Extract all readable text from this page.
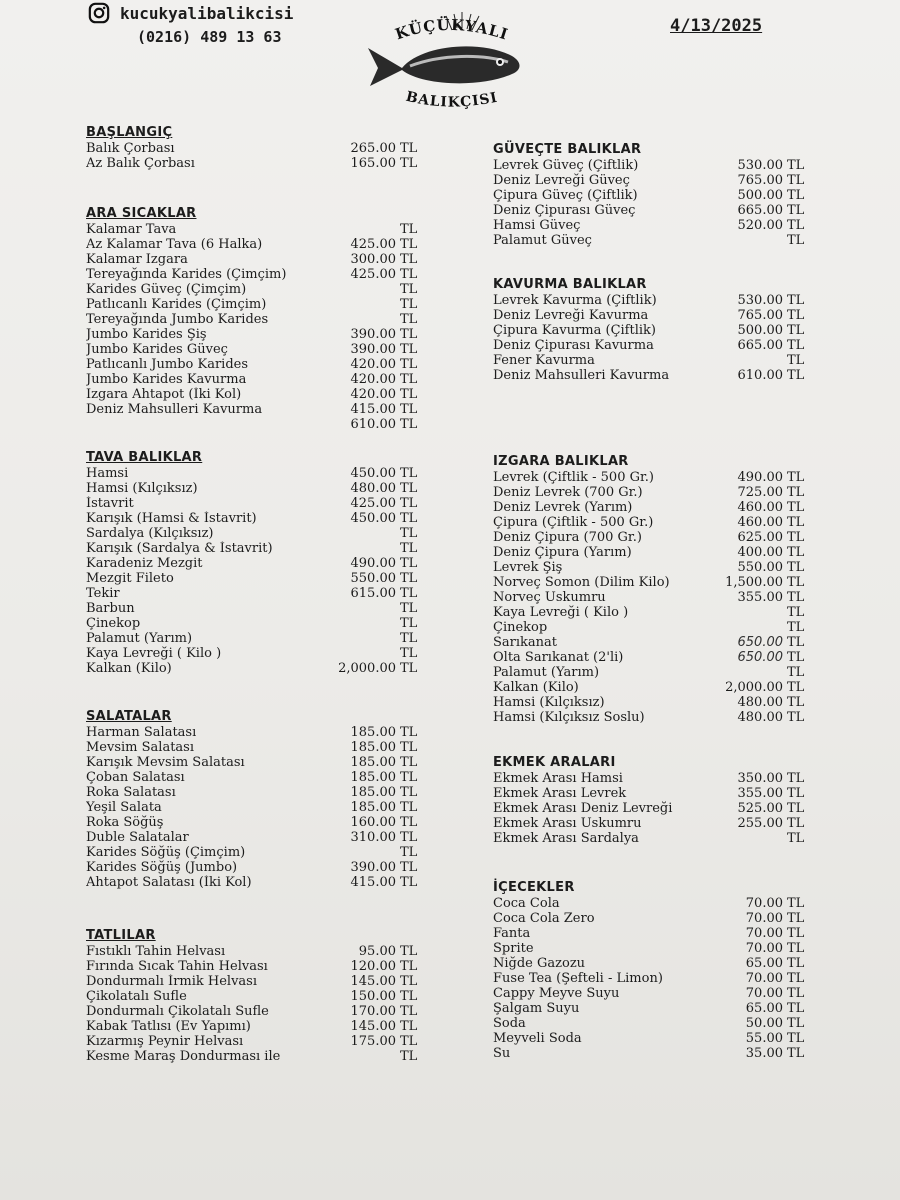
kucukyalibalikcisi
(0216) 489 13 63	KÜÇÜKYALI
BALIKÇISI
4/13/2025
BAŞLANGIÇ
Balık Çorbası	265.00 TL
Az Balık Çorbası	165.00 TL
ARA SICAKLAR
Kalamar Tava	TL
Az Kalamar Tava (6 Halka)	425.00 TL
Kalamar Izgara	300.00 TL
Tereyağında Karides (Çimçim)	425.00 TL
Karides Güveç (Çimçim)	TL
Patlıcanlı Karides (Çimçim)	TL
Tereyağında Jumbo Karides	TL
Jumbo Karides Şiş	390.00 TL
Jumbo Karides Güveç	390.00 TL
Patlıcanlı Jumbo Karides	420.00 TL
Jumbo Karides Kavurma	420.00 TL
Izgara Ahtapot (İki Kol)	420.00 TL
Deniz Mahsulleri Kavurma	415.00 TL
610.00 TL
TAVA BALIKLAR
Hamsi	450.00 TL
Hamsi (Kılçıksız)	480.00 TL
İstavrit	425.00 TL
Karışık (Hamsi & İstavrit)	450.00 TL
Sardalya (Kılçıksız)	TL
Karışık (Sardalya & İstavrit)	TL
Karadeniz Mezgit	490.00 TL
Mezgit Fileto	550.00 TL
Tekir	615.00 TL
Barbun	TL
Çinekop	TL
Palamut (Yarım)	TL
Kaya Levreği ( Kilo )	TL
Kalkan (Kilo)	2,000.00 TL
SALATALAR
Harman Salatası	185.00 TL
Mevsim Salatası	185.00 TL
Karışık Mevsim Salatası	185.00 TL
Çoban Salatası	185.00 TL
Roka Salatası	185.00 TL
Yeşil Salata	185.00 TL
Roka Söğüş	160.00 TL
Duble Salatalar	310.00 TL
Karides Söğüş (Çimçim)	TL
Karides Söğüş (Jumbo)	390.00 TL
Ahtapot Salatası (İki Kol)	415.00 TL
TATLILAR
Fıstıklı Tahin Helvası	95.00 TL
Fırında Sıcak Tahin Helvası	120.00 TL
Dondurmalı İrmik Helvası	145.00 TL
Çikolatalı Sufle	150.00 TL
Dondurmalı Çikolatalı Sufle	170.00 TL
Kabak Tatlısı (Ev Yapımı)	145.00 TL
Kızarmış Peynir Helvası	175.00 TL
Kesme Maraş Dondurması ile	TL
GÜVEÇTE BALIKLAR
Levrek Güveç (Çiftlik)	530.00 TL
Deniz Levreği Güveç	765.00 TL
Çipura Güveç (Çiftlik)	500.00 TL
Deniz Çipurası Güveç	665.00 TL
Hamsi Güveç	520.00 TL
Palamut Güveç	TL
KAVURMA BALIKLAR
Levrek Kavurma (Çiftlik)	530.00 TL
Deniz Levreği Kavurma	765.00 TL
Çipura Kavurma (Çiftlik)	500.00 TL
Deniz Çipurası Kavurma	665.00 TL
Fener Kavurma	TL
Deniz Mahsulleri Kavurma	610.00 TL
IZGARA BALIKLAR
Levrek (Çiftlik - 500 Gr.)	490.00 TL
Deniz Levrek (700 Gr.)	725.00 TL
Deniz Levrek (Yarım)	460.00 TL
Çipura (Çiftlik - 500 Gr.)	460.00 TL
Deniz Çipura (700 Gr.)	625.00 TL
Deniz Çipura (Yarım)	400.00 TL
Levrek Şiş	550.00 TL
Norveç Somon (Dilim Kilo)	1,500.00 TL
Norveç Uskumru	355.00 TL
Kaya Levreği ( Kilo )	TL
Çinekop	TL
Sarıkanat	650.00 TL
Olta Sarıkanat (2'li)	650.00 TL
Palamut (Yarım)	TL
Kalkan (Kilo)	2,000.00 TL
Hamsi (Kılçıksız)	480.00 TL
Hamsi (Kılçıksız Soslu)	480.00 TL
EKMEK ARALARI
Ekmek Arası Hamsi	350.00 TL
Ekmek Arası Levrek	355.00 TL
Ekmek Arası Deniz Levreği	525.00 TL
Ekmek Arası Uskumru	255.00 TL
Ekmek Arası Sardalya	TL
İÇECEKLER
Coca Cola	70.00 TL
Coca Cola Zero	70.00 TL
Fanta	70.00 TL
Sprite	70.00 TL
Niğde Gazozu	65.00 TL
Fuse Tea (Şefteli - Limon)	70.00 TL
Cappy Meyve Suyu	70.00 TL
Şalgam Suyu	65.00 TL
Soda	50.00 TL
Meyveli Soda	55.00 TL
Su	35.00 TL
